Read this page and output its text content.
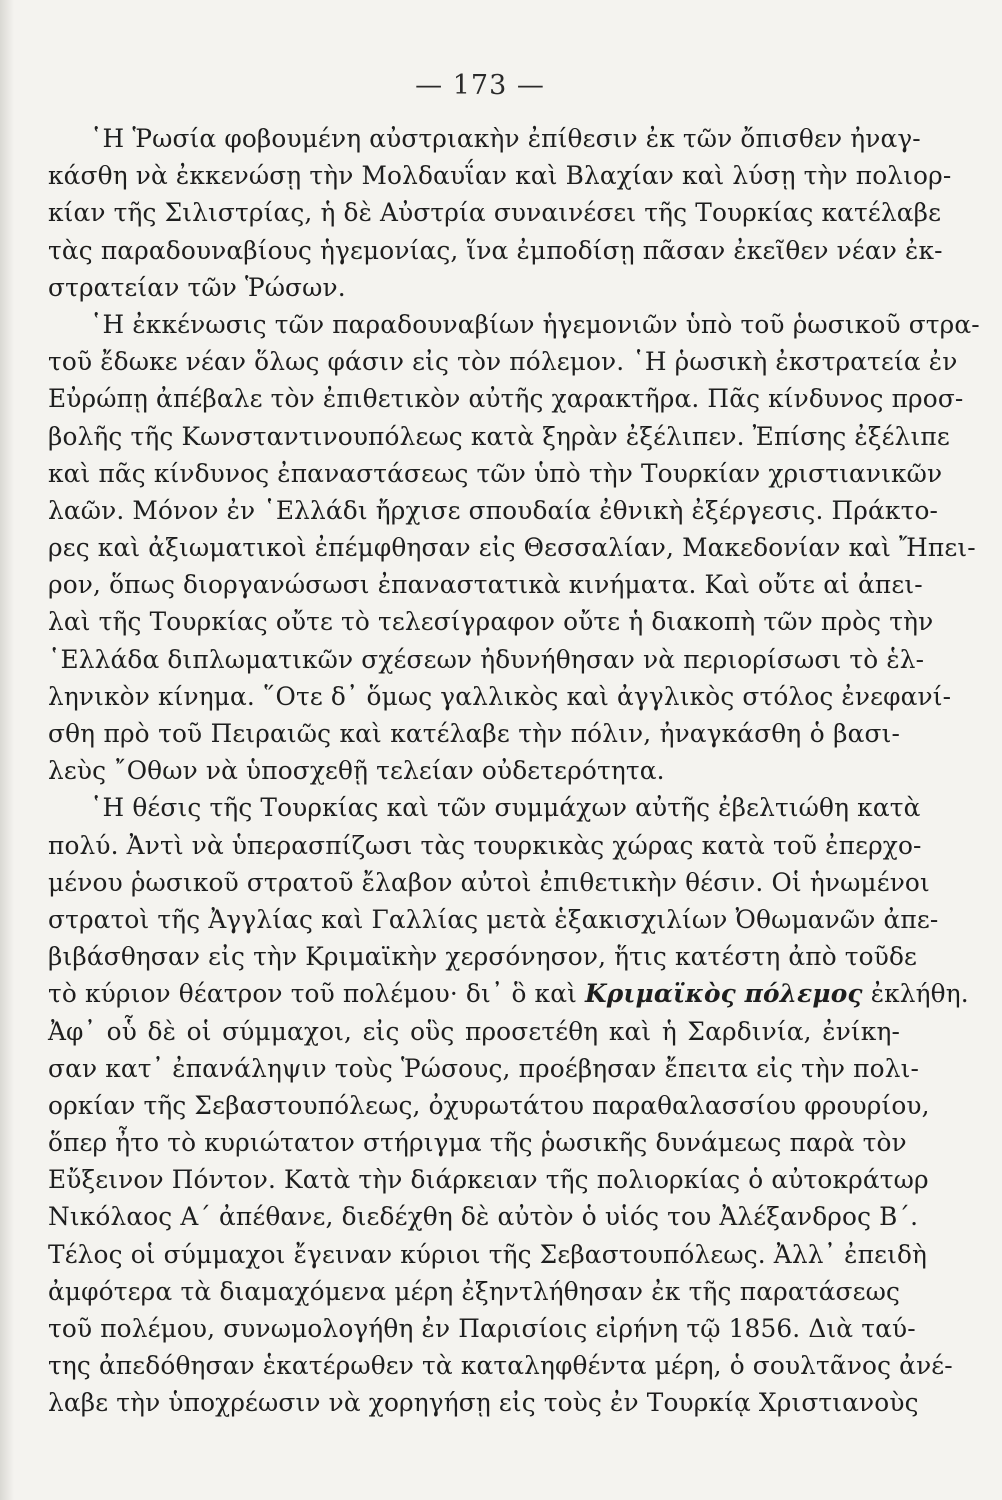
— 173 —
῾Η Ῥωσία φοβουμένη αὐστριακὴν ἐπίθεσιν ἐκ τῶν ὄπισθεν ἠναγ-
κάσθη νὰ ἐκκενώσῃ τὴν Μολδαυΐαν καὶ Βλαχίαν καὶ λύσῃ τὴν πολιορ-
κίαν τῆς Σιλιστρίας, ἡ δὲ Αὐστρία συναινέσει τῆς Τουρκίας κατέλαβε
τὰς παραδουναβίους ἡγεμονίας, ἵνα ἐμποδίσῃ πᾶσαν ἐκεῖθεν νέαν ἐκ-
στρατείαν τῶν Ῥώσων.
῾Η ἐκκένωσις τῶν παραδουναβίων ἡγεμονιῶν ὑπὸ τοῦ ῥωσικοῦ στρα-
τοῦ ἔδωκε νέαν ὅλως φάσιν εἰς τὸν πόλεμον. ῾Η ῥωσικὴ ἐκστρατεία ἐν
Εὐρώπῃ ἀπέβαλε τὸν ἐπιθετικὸν αὐτῆς χαρακτῆρα. Πᾶς κίνδυνος προσ-
βολῆς τῆς Κωνσταντινουπόλεως κατὰ ξηρὰν ἐξέλιπεν. Ἐπίσης ἐξέλιπε
καὶ πᾶς κίνδυνος ἐπαναστάσεως τῶν ὑπὸ τὴν Τουρκίαν χριστιανικῶν
λαῶν. Μόνον ἐν ῾Ελλάδι ἤρχισε σπουδαία ἐθνικὴ ἐξέργεσις. Πράκτο-
ρες καὶ ἀξιωματικοὶ ἐπέμφθησαν εἰς Θεσσαλίαν, Μακεδονίαν καὶ Ἤπει-
ρον, ὅπως διοργανώσωσι ἐπαναστατικὰ κινήματα. Καὶ οὔτε αἱ ἀπει-
λαὶ τῆς Τουρκίας οὔτε τὸ τελεσίγραφον οὔτε ἡ διακοπὴ τῶν πρὸς τὴν
῾Ελλάδα διπλωματικῶν σχέσεων ἠδυνήθησαν νὰ περιορίσωσι τὸ ἑλ-
ληνικὸν κίνημα. ῞Οτε δ᾽ ὅμως γαλλικὸς καὶ ἀγγλικὸς στόλος ἐνεφανί-
σθη πρὸ τοῦ Πειραιῶς καὶ κατέλαβε τὴν πόλιν, ἠναγκάσθη ὁ βασι-
λεὺς ῎Οθων νὰ ὑποσχεθῇ τελείαν οὐδετερότητα.
῾Η θέσις τῆς Τουρκίας καὶ τῶν συμμάχων αὐτῆς ἐβελτιώθη κατὰ
πολύ. Ἀντὶ νὰ ὑπερασπίζωσι τὰς τουρκικὰς χώρας κατὰ τοῦ ἐπερχο-
μένου ῥωσικοῦ στρατοῦ ἔλαβον αὐτοὶ ἐπιθετικὴν θέσιν. Οἱ ἡνωμένοι
στρατοὶ τῆς Ἀγγλίας καὶ Γαλλίας μετὰ ἑξακισχιλίων Ὀθωμανῶν ἀπε-
βιβάσθησαν εἰς τὴν Κριμαϊκὴν χερσόνησον, ἥτις κατέστη ἀπὸ τοῦδε
τὸ κύριον θέατρον τοῦ πολέμου· δι᾽ ὃ καὶ Κριμαϊκὸς πόλεμος ἐκλήθη.
Ἀφ᾽ οὗ δὲ οἱ σύμμαχοι, εἰς οὓς προσετέθη καὶ ἡ Σαρδινία, ἐνίκη-
σαν κατ᾽ ἐπανάληψιν τοὺς Ῥώσους, προέβησαν ἔπειτα εἰς τὴν πολι-
ορκίαν τῆς Σεβαστουπόλεως, ὀχυρωτάτου παραθαλασσίου φρουρίου,
ὅπερ ἦτο τὸ κυριώτατον στήριγμα τῆς ῥωσικῆς δυνάμεως παρὰ τὸν
Εὔξεινον Πόντον. Κατὰ τὴν διάρκειαν τῆς πολιορκίας ὁ αὐτοκράτωρ
Νικόλαος Α΄ ἀπέθανε, διεδέχθη δὲ αὐτὸν ὁ υἱός του Ἀλέξανδρος Β΄.
Τέλος οἱ σύμμαχοι ἔγειναν κύριοι τῆς Σεβαστουπόλεως. Ἀλλ᾽ ἐπειδὴ
ἀμφότερα τὰ διαμαχόμενα μέρη ἐξηντλήθησαν ἐκ τῆς παρατάσεως
τοῦ πολέμου, συνωμολογήθη ἐν Παρισίοις εἰρήνη τῷ 1856. Διὰ ταύ-
της ἀπεδόθησαν ἑκατέρωθεν τὰ καταληφθέντα μέρη, ὁ σουλτᾶνος ἀνέ-
λαβε τὴν ὑποχρέωσιν νὰ χορηγήσῃ εἰς τοὺς ἐν Τουρκίᾳ Χριστιανοὺς
